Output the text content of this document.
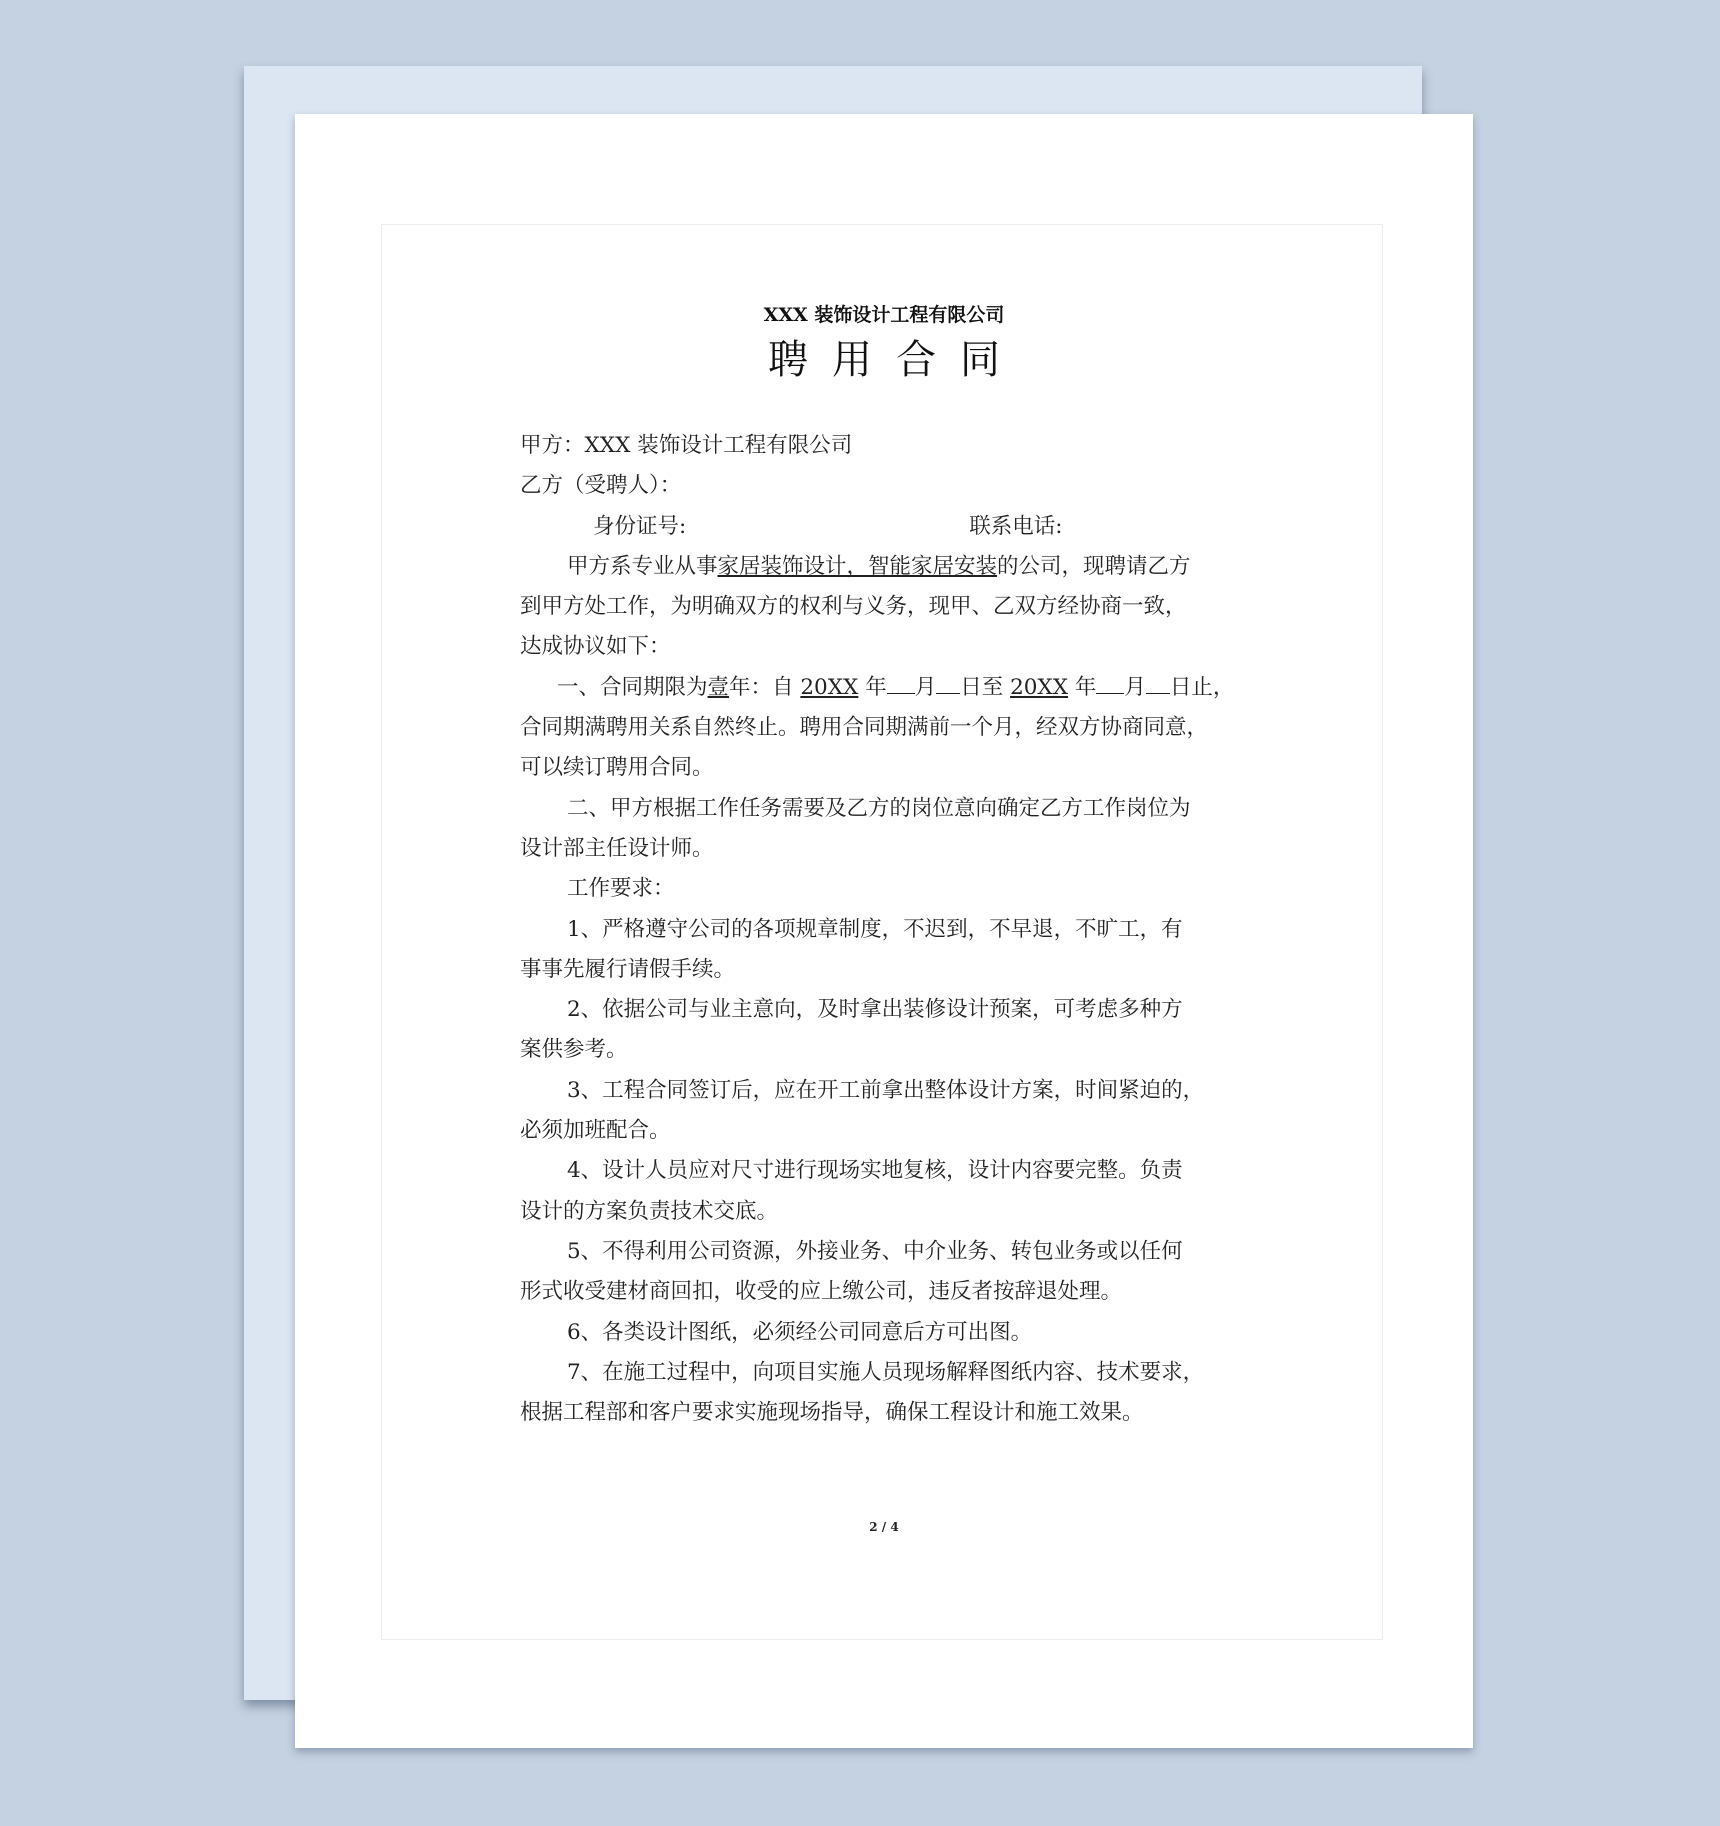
XXX 装饰设计工程有限公司
聘用合同
甲方：XXX 装饰设计工程有限公司
乙方（受聘人）：
身份证号:	联系电话:
甲方系专业从事家居装饰设计，智能家居安装的公司，现聘请乙方
到甲方处工作，为明确双方的权利与义务，现甲、乙双方经协商一致，
达成协议如下：
一、合同期限为壹年：自 20XX 年 月 日至 20XX 年 月 日止，
合同期满聘用关系自然终止。聘用合同期满前一个月，经双方协商同意，
可以续订聘用合同。
二、甲方根据工作任务需要及乙方的岗位意向确定乙方工作岗位为
设计部主任设计师。
工作要求：
1、严格遵守公司的各项规章制度，不迟到，不早退，不旷工，有
事事先履行请假手续。
2、依据公司与业主意向，及时拿出装修设计预案，可考虑多种方
案供参考。
3、工程合同签订后，应在开工前拿出整体设计方案，时间紧迫的，
必须加班配合。
4、设计人员应对尺寸进行现场实地复核，设计内容要完整。负责
设计的方案负责技术交底。
5、不得利用公司资源，外接业务、中介业务、转包业务或以任何
形式收受建材商回扣，收受的应上缴公司，违反者按辞退处理。
6、各类设计图纸，必须经公司同意后方可出图。
7、在施工过程中，向项目实施人员现场解释图纸内容、技术要求，
根据工程部和客户要求实施现场指导，确保工程设计和施工效果。
2 / 4
